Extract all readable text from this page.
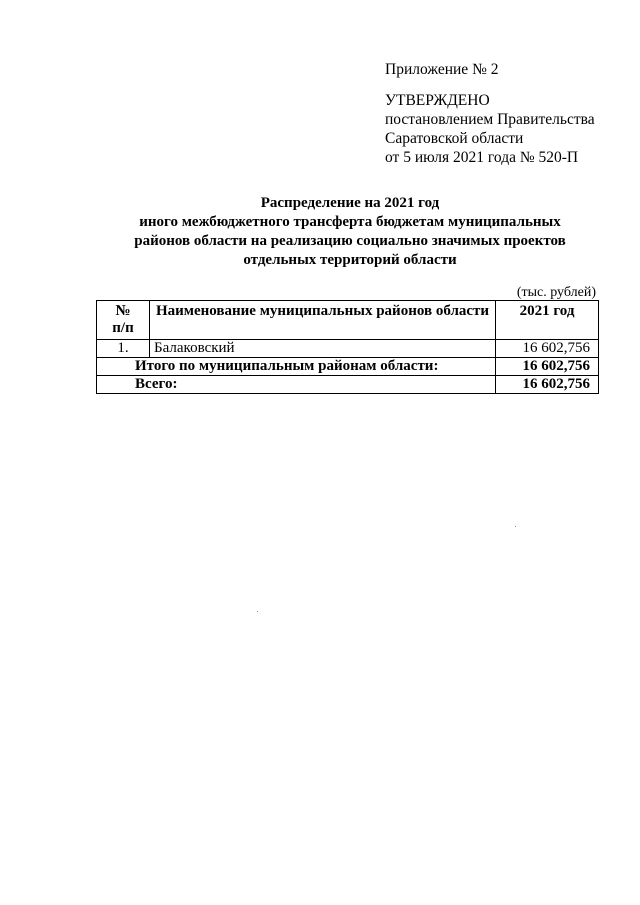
Приложение № 2
УТВЕРЖДЕНО
постановлением Правительства
Саратовской области
от 5 июля 2021 года № 520-П
Распределение на 2021 год
иного межбюджетного трансферта бюджетам муниципальных
районов области на реализацию социально значимых проектов
отдельных территорий области
(тыс. рублей)
№
п/п	Наименование муниципальных районов области	2021 год
1.	Балаковский	16 602,756
Итого по муниципальным районам области:		16 602,756
Всего:		16 602,756
